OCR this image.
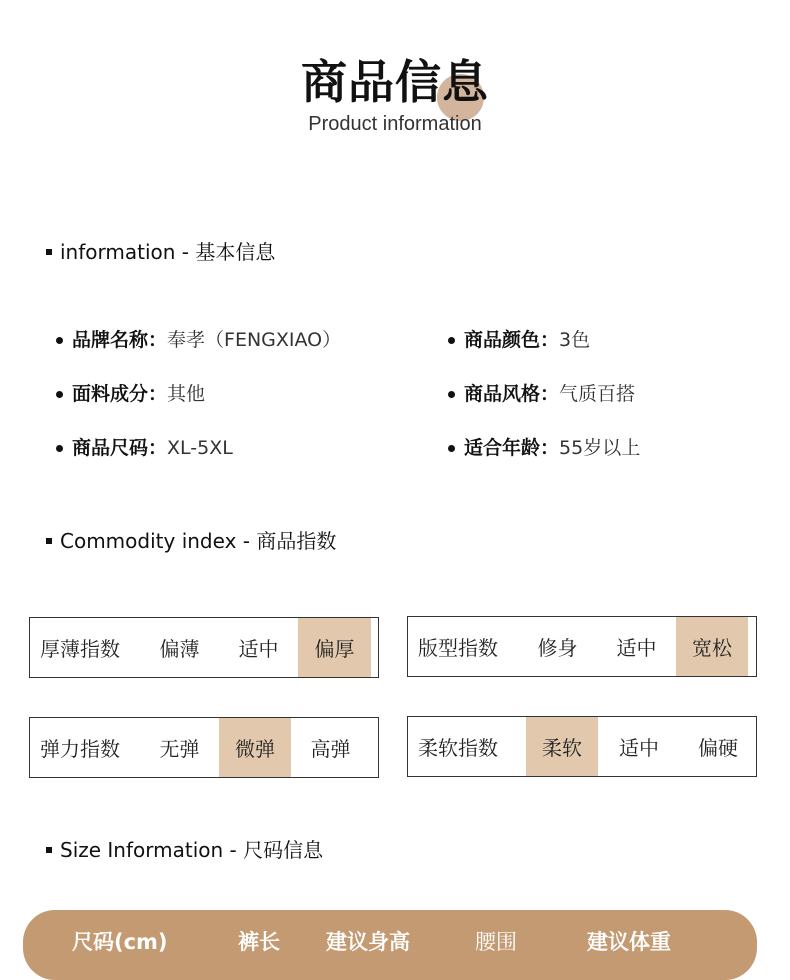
商品信息
Product information
information - 基本信息
品牌名称： 奉孝（FENGXIAO）
面料成分： 其他
商品尺码： XL-5XL
商品颜色： 3色
商品风格： 气质百搭
适合年龄： 55岁以上
Commodity index - 商品指数
厚薄指数	偏薄	适中	偏厚	版型指数	修身	适中	宽松
弹力指数	无弹	微弹	高弹	柔软指数	柔软	适中	偏硬
Size Information - 尺码信息
尺码(cm)	裤长 建议身高	腰围	建议体重
